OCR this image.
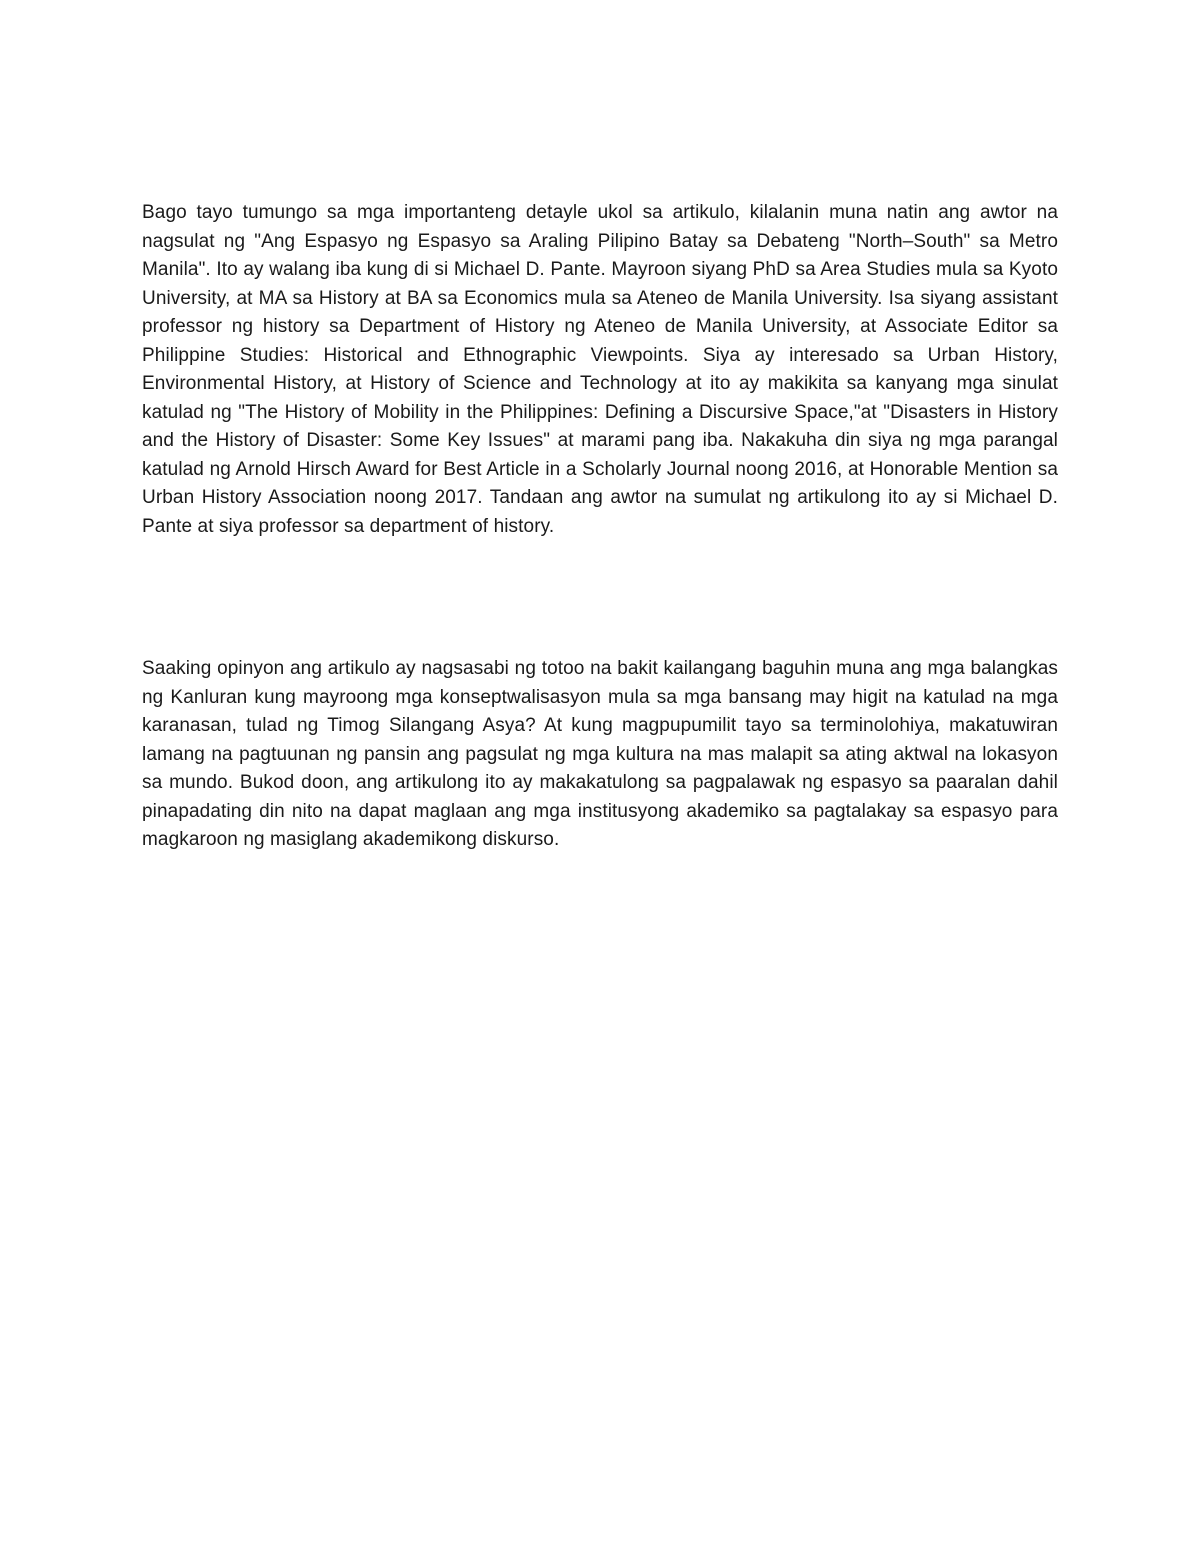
Bago tayo tumungo sa mga importanteng detayle ukol sa artikulo, kilalanin muna natin ang awtor na nagsulat ng "Ang Espasyo ng Espasyo sa Araling Pilipino Batay sa Debateng "North–South" sa Metro Manila". Ito ay walang iba kung di si Michael D. Pante. Mayroon siyang PhD sa Area Studies mula sa Kyoto University, at MA sa History at BA sa Economics mula sa Ateneo de Manila University. Isa siyang assistant professor ng history sa Department of History ng Ateneo de Manila University, at Associate Editor sa Philippine Studies: Historical and Ethnographic Viewpoints. Siya ay interesado sa Urban History, Environmental History, at History of Science and Technology at ito ay makikita sa kanyang mga sinulat katulad ng "The History of Mobility in the Philippines: Defining a Discursive Space,"at "Disasters in History and the History of Disaster: Some Key Issues" at marami pang iba. Nakakuha din siya ng mga parangal katulad ng Arnold Hirsch Award for Best Article in a Scholarly Journal noong 2016, at Honorable Mention sa Urban History Association noong 2017. Tandaan ang awtor na sumulat ng artikulong ito ay si Michael D. Pante at siya professor sa department of history.

Saaking opinyon ang artikulo ay nagsasabi ng totoo na bakit kailangang baguhin muna ang mga balangkas ng Kanluran kung mayroong mga konseptwalisasyon mula sa mga bansang may higit na katulad na mga karanasan, tulad ng Timog Silangang Asya? At kung magpupumilit tayo sa terminolohiya, makatuwiran lamang na pagtuunan ng pansin ang pagsulat ng mga kultura na mas malapit sa ating aktwal na lokasyon sa mundo. Bukod doon, ang artikulong ito ay makakatulong sa pagpalawak ng espasyo sa paaralan dahil pinapadating din nito na dapat maglaan ang mga institusyong akademiko sa pagtalakay sa espasyo para magkaroon ng masiglang akademikong diskurso.
